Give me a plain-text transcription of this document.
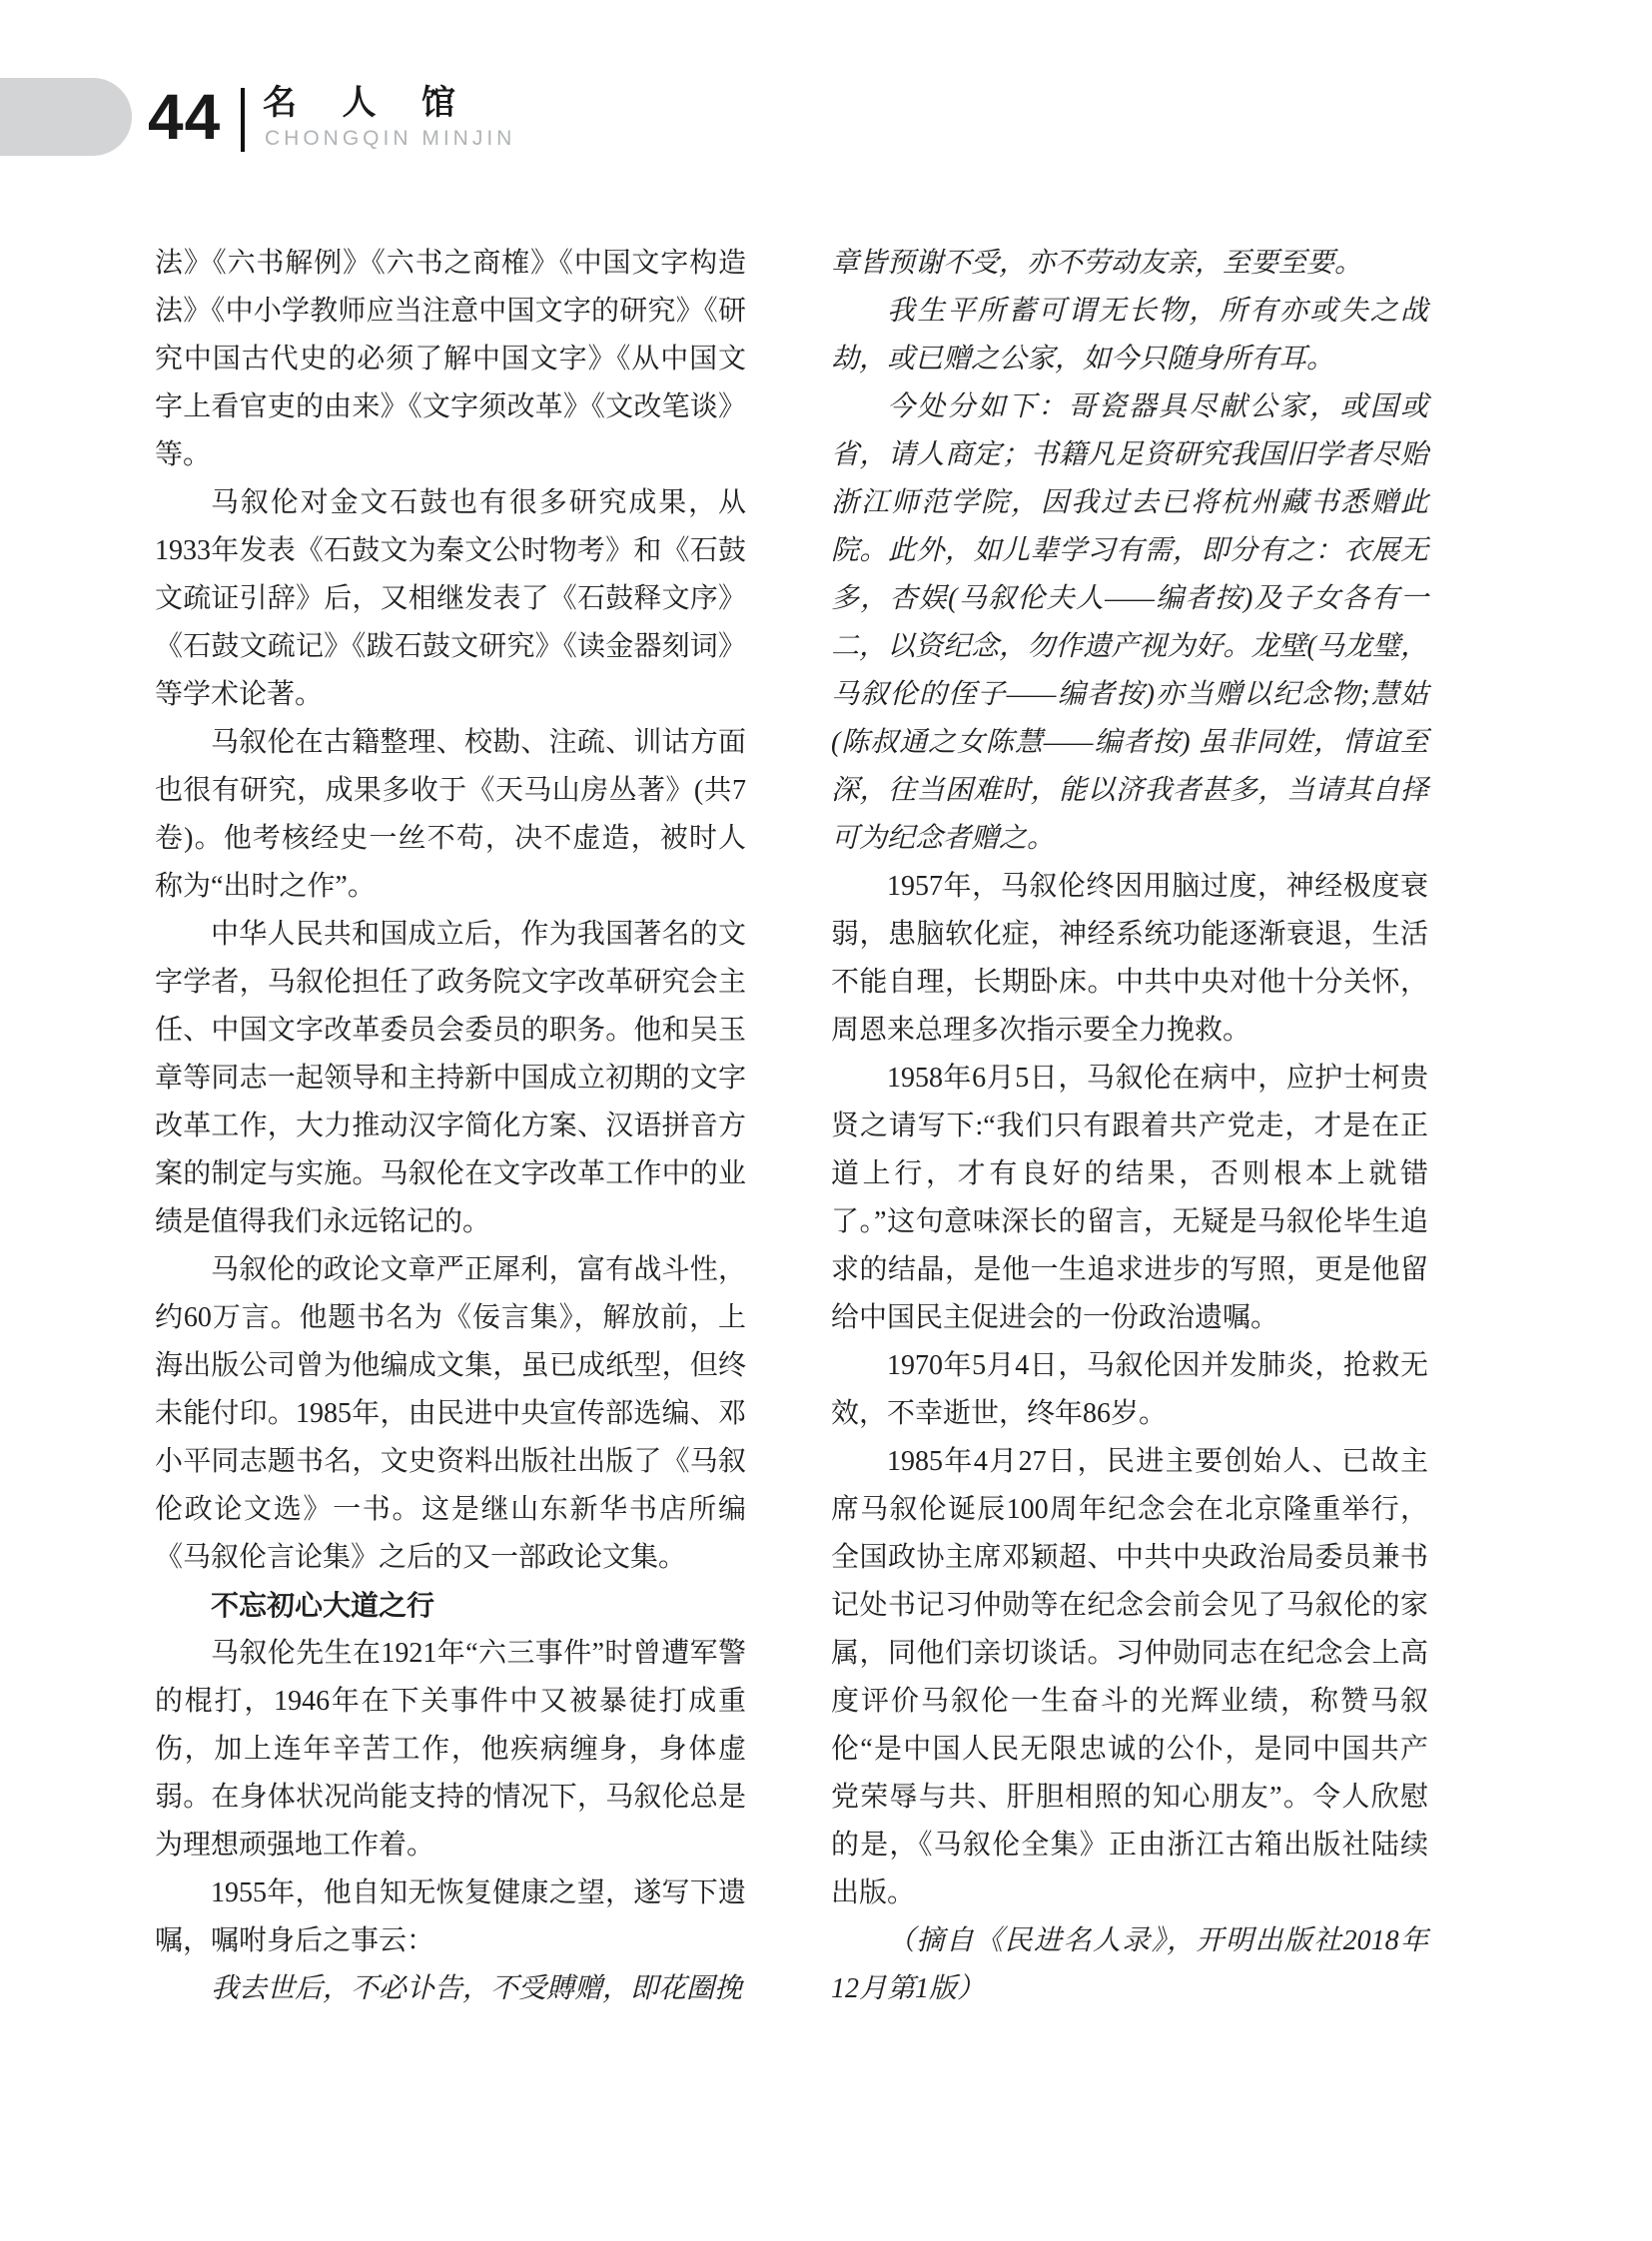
44 名 人 馆
CHONGQIN MINJIN

法》《六书解例》《六书之商榷》《中国文字构造法》《中小学教师应当注意中国文字的研究》《研究中国古代史的必须了解中国文字》《从中国文字上看官吏的由来》《文字须改革》《文改笔谈》等。

马叙伦对金文石鼓也有很多研究成果，从1933年发表《石鼓文为秦文公时物考》和《石鼓文疏证引辞》后，又相继发表了《石鼓释文序》《石鼓文疏记》《跋石鼓文研究》《读金器刻词》等学术论著。

马叙伦在古籍整理、校勘、注疏、训诂方面也很有研究，成果多收于《天马山房丛著》(共7卷)。他考核经史一丝不苟，决不虚造，被时人称为“出时之作”。

中华人民共和国成立后，作为我国著名的文字学者，马叙伦担任了政务院文字改革研究会主任、中国文字改革委员会委员的职务。他和吴玉章等同志一起领导和主持新中国成立初期的文字改革工作，大力推动汉字简化方案、汉语拼音方案的制定与实施。马叙伦在文字改革工作中的业绩是值得我们永远铭记的。

马叙伦的政论文章严正犀利，富有战斗性，约60万言。他题书名为《佞言集》，解放前，上海出版公司曾为他编成文集，虽已成纸型，但终未能付印。1985年，由民进中央宣传部选编、邓小平同志题书名，文史资料出版社出版了《马叙伦政论文选》一书。这是继山东新华书店所编《马叙伦言论集》之后的又一部政论文集。

不忘初心大道之行

马叙伦先生在1921年“六三事件”时曾遭军警的棍打，1946年在下关事件中又被暴徒打成重伤，加上连年辛苦工作，他疾病缠身，身体虚弱。在身体状况尚能支持的情况下，马叙伦总是为理想顽强地工作着。

1955年，他自知无恢复健康之望，遂写下遗嘱，嘱咐身后之事云：

我去世后，不必讣告，不受賻赠，即花圈挽

章皆预谢不受，亦不劳动友亲，至要至要。

我生平所蓄可谓无长物，所有亦或失之战劫，或已赠之公家，如今只随身所有耳。

今处分如下：哥瓷器具尽献公家，或国或省，请人商定；书籍凡足资研究我国旧学者尽贻浙江师范学院，因我过去已将杭州藏书悉赠此院。此外，如儿辈学习有需，即分有之：衣展无多，杏娱(马叙伦夫人——编者按)及子女各有一二，以资纪念，勿作遗产视为好。龙壁(马龙璧，马叙伦的侄子——编者按)亦当赠以纪念物;慧姑(陈叔通之女陈慧——编者按) 虽非同姓，情谊至深，往当困难时，能以济我者甚多，当请其自择可为纪念者赠之。

1957年，马叙伦终因用脑过度，神经极度衰弱，患脑软化症，神经系统功能逐渐衰退，生活不能自理，长期卧床。中共中央对他十分关怀，周恩来总理多次指示要全力挽救。

1958年6月5日，马叙伦在病中，应护士柯贵贤之请写下:“我们只有跟着共产党走，才是在正道上行，才有良好的结果，否则根本上就错了。”这句意味深长的留言，无疑是马叙伦毕生追求的结晶，是他一生追求进步的写照，更是他留给中国民主促进会的一份政治遗嘱。

1970年5月4日，马叙伦因并发肺炎，抢救无效，不幸逝世，终年86岁。

1985年4月27日，民进主要创始人、已故主席马叙伦诞辰100周年纪念会在北京隆重举行，全国政协主席邓颖超、中共中央政治局委员兼书记处书记习仲勋等在纪念会前会见了马叙伦的家属，同他们亲切谈话。习仲勋同志在纪念会上高度评价马叙伦一生奋斗的光辉业绩，称赞马叙伦“是中国人民无限忠诚的公仆，是同中国共产党荣辱与共、肝胆相照的知心朋友”。令人欣慰的是，《马叙伦全集》正由浙江古箱出版社陆续出版。

（摘自《民进名人录》，开明出版社2018年12月第1版）
